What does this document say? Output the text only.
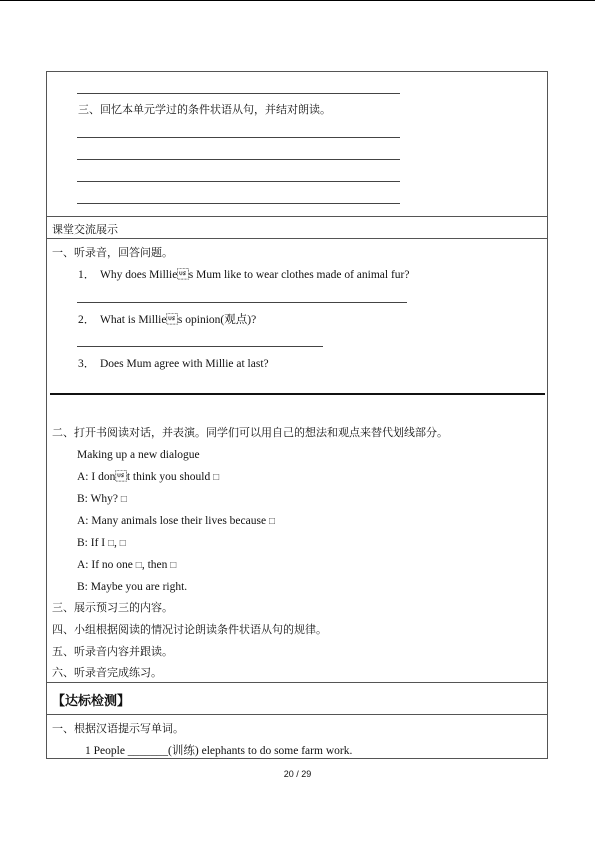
三、回忆本单元学过的条件状语从句，并结对朗读。
课堂交流展示
一、听录音，回答问题。
1． Why does Millies Mum like to wear clothes made of animal fur?
2． What is Millies opinion(观点)?
3． Does Mum agree with Millie at last?
二、打开书阅读对话，并表演。同学们可以用自己的想法和观点来替代划线部分。
Making up a new dialogue
A: I dont think you should □
B: Why? □
A: Many animals lose their lives because □
B: If I □, □
A: If no one □, then □
B: Maybe you are right.
三、展示预习三的内容。
四、小组根据阅读的情况讨论朗读条件状语从句的规律。
五、听录音内容并跟读。
六、听录音完成练习。
【达标检测】
一、根据汉语提示写单词。
1 People _______(训练) elephants to do some farm work.
20 / 29
